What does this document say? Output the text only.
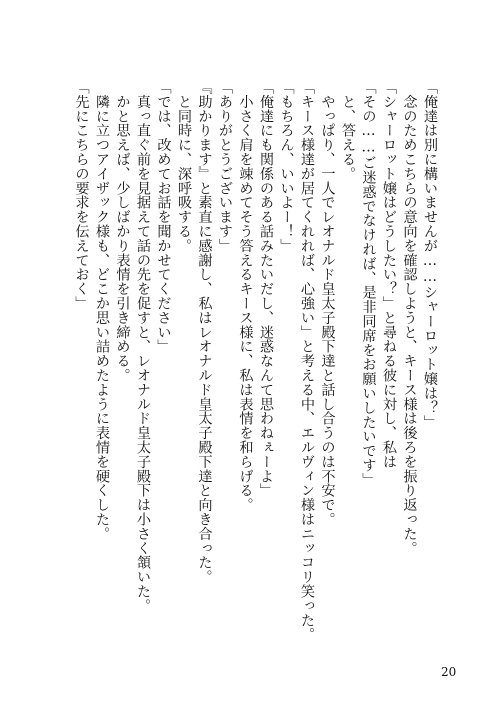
「俺達は別に構いませんが……シャーロット嬢は？」

　念のためこちらの意向を確認しようと、キース様は後ろを振り返った。

「シャーロット嬢はどうしたい？」と尋ねる彼に対し、私は

「その……ご迷惑でなければ、是非同席をお願いしたいです」

　と、答える。

　やっぱり、一人でレオナルド皇太子殿下達と話し合うのは不安で。

「キース様達が居てくれれば、心強い」と考える中、エルヴィン様はニッコリ笑った。

「もちろん、いいよー！」

「俺達にも関係のある話みたいだし、迷惑なんて思わねぇーよ」

　小さく肩を竦めてそう答えるキース様に、私は表情を和らげる。

「ありがとうございます」

『助かります』と素直に感謝し、私はレオナルド皇太子殿下達と向き合った。

　と同時に、深呼吸する。

「では、改めてお話を聞かせてください」

　真っ直ぐ前を見据えて話の先を促すと、レオナルド皇太子殿下は小さく頷いた。

　かと思えば、少しばかり表情を引き締める。

　隣に立つアイザック様も、どこか思い詰めたように表情を硬くした。

「先にこちらの要求を伝えておく」

20
